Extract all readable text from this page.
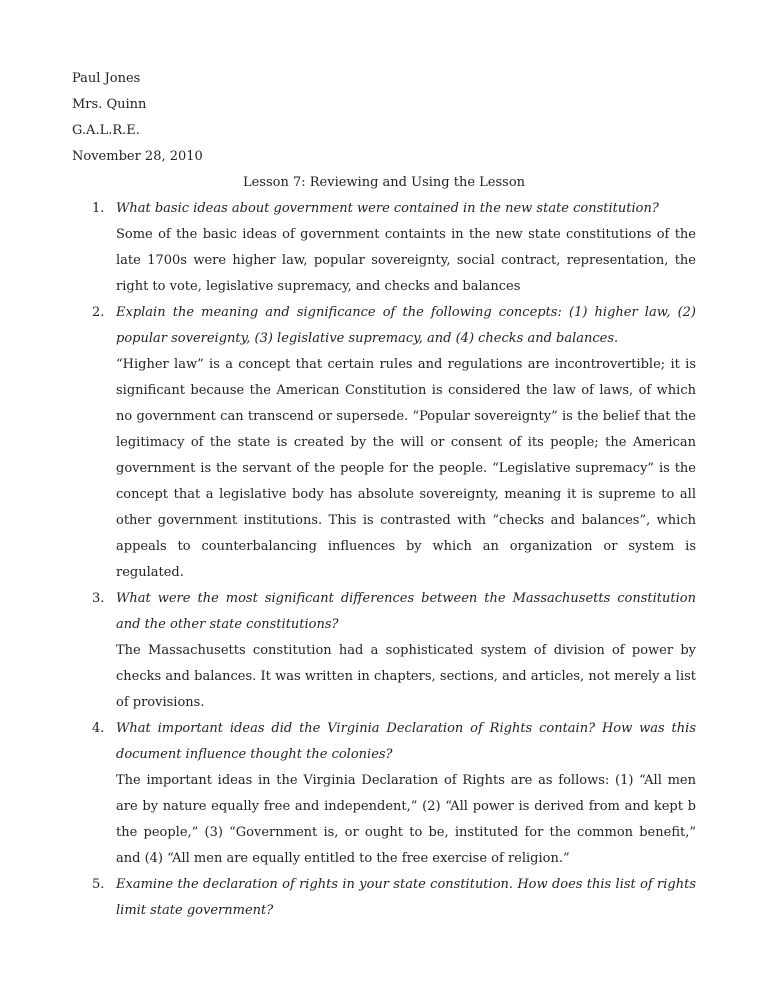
Paul Jones
Mrs. Quinn
G.A.L.R.E.
November 28, 2010
Lesson 7: Reviewing and Using the Lesson
1. What basic ideas about government were contained in the new state constitution?
Some of the basic ideas of government containts in the new state constitutions of the late 1700s were higher law, popular sovereignty, social contract, representation, the right to vote, legislative supremacy, and checks and balances
2. Explain the meaning and significance of the following concepts: (1) higher law, (2) popular sovereignty, (3) legislative supremacy, and (4) checks and balances.
“Higher law” is a concept that certain rules and regulations are incontrovertible; it is significant because the American Constitution is considered the law of laws, of which no government can transcend or supersede. “Popular sovereignty” is the belief that the legitimacy of the state is created by the will or consent of its people; the American government is the servant of the people for the people. “Legislative supremacy” is the concept that a legislative body has absolute sovereignty, meaning it is supreme to all other government institutions. This is contrasted with “checks and balances”, which appeals to counterbalancing influences by which an organization or system is regulated.
3. What were the most significant differences between the Massachusetts constitution and the other state constitutions?
The Massachusetts constitution had a sophisticated system of division of power by checks and balances. It was written in chapters, sections, and articles, not merely a list of provisions.
4. What important ideas did the Virginia Declaration of Rights contain? How was this document influence thought the colonies?
The important ideas in the Virginia Declaration of Rights are as follows: (1) “All men are by nature equally free and independent,” (2) “All power is derived from and kept b the people,” (3) “Government is, or ought to be, instituted for the common benefit,” and (4) “All men are equally entitled to the free exercise of religion.”
5. Examine the declaration of rights in your state constitution. How does this list of rights limit state government?
